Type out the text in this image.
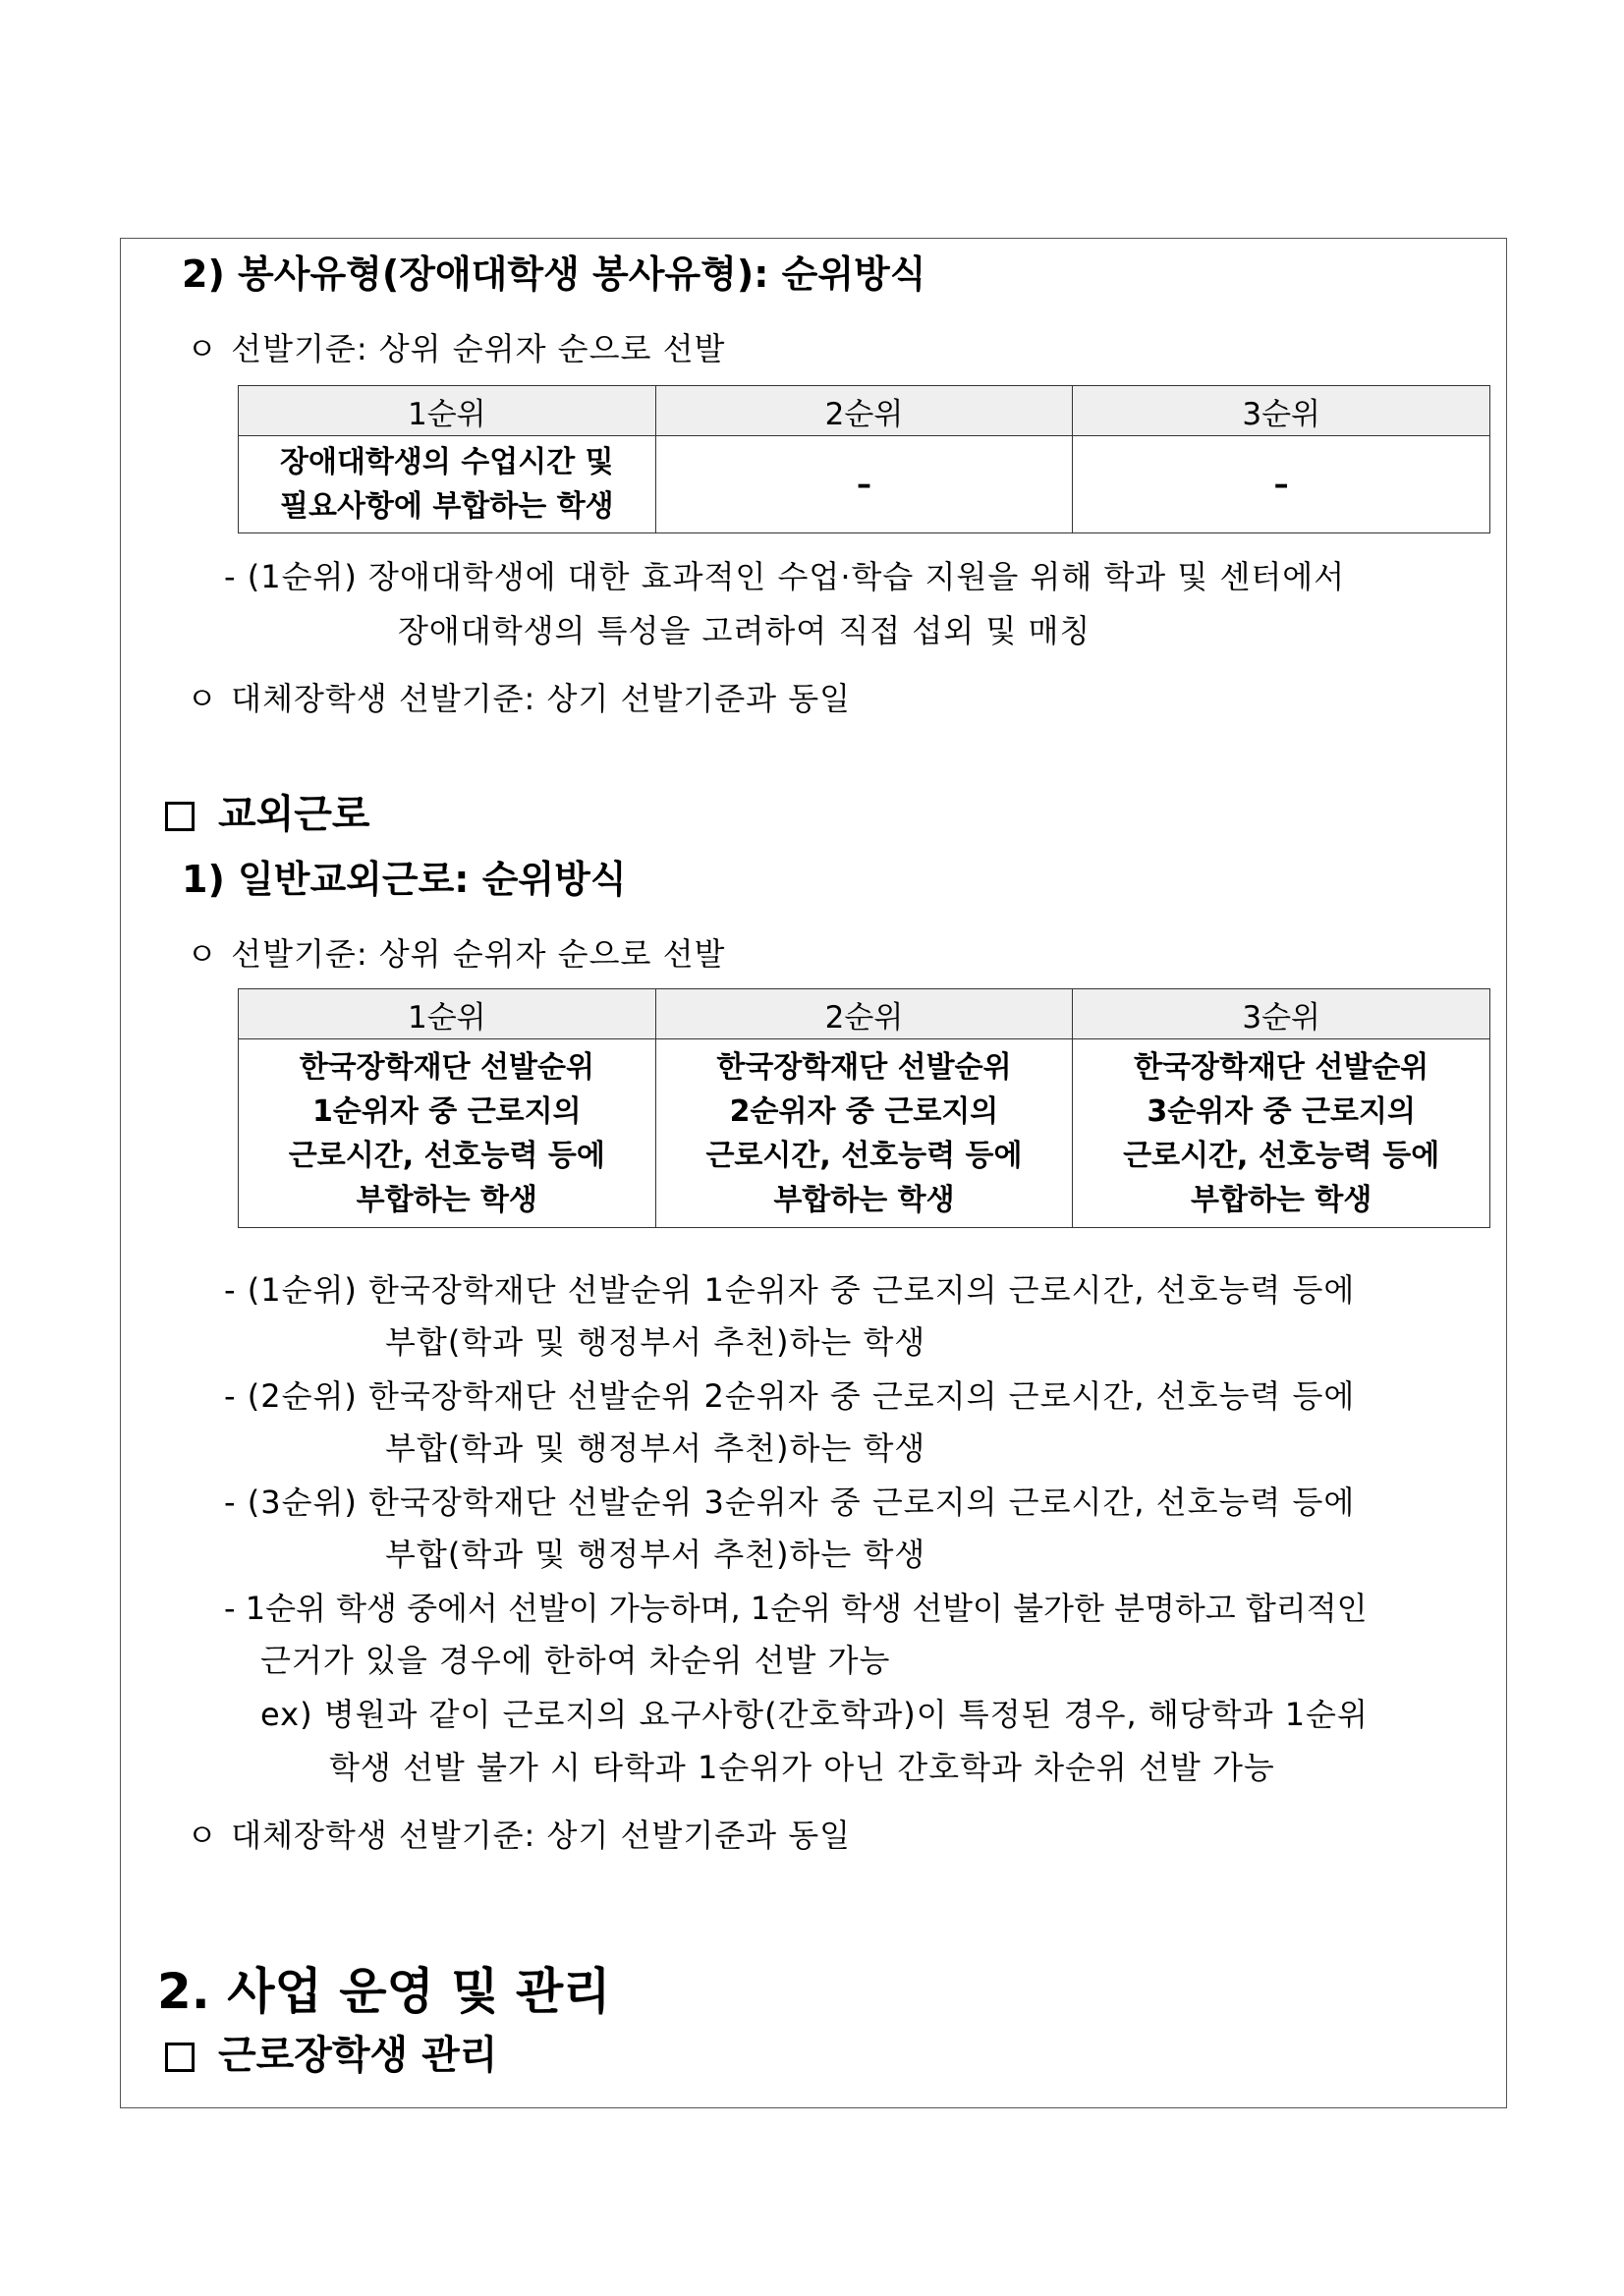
2) 봉사유형(장애대학생 봉사유형): 순위방식
ㅇ 선발기준: 상위 순위자 순으로 선발
1순위	2순위	3순위
장애대학생의 수업시간 및
필요사항에 부합하는 학생	–	–
- (1순위) 장애대학생에 대한 효과적인 수업·학습 지원을 위해 학과 및 센터에서
장애대학생의 특성을 고려하여 직접 섭외 및 매칭
ㅇ 대체장학생 선발기준: 상기 선발기준과 동일
교외근로
1) 일반교외근로: 순위방식
ㅇ 선발기준: 상위 순위자 순으로 선발
1순위	2순위	3순위
한국장학재단 선발순위
1순위자 중 근로지의
근로시간, 선호능력 등에
부합하는 학생	한국장학재단 선발순위
2순위자 중 근로지의
근로시간, 선호능력 등에
부합하는 학생	한국장학재단 선발순위
3순위자 중 근로지의
근로시간, 선호능력 등에
부합하는 학생
- (1순위) 한국장학재단 선발순위 1순위자 중 근로지의 근로시간, 선호능력 등에
부합(학과 및 행정부서 추천)하는 학생
- (2순위) 한국장학재단 선발순위 2순위자 중 근로지의 근로시간, 선호능력 등에
부합(학과 및 행정부서 추천)하는 학생
- (3순위) 한국장학재단 선발순위 3순위자 중 근로지의 근로시간, 선호능력 등에
부합(학과 및 행정부서 추천)하는 학생
- 1순위 학생 중에서 선발이 가능하며, 1순위 학생 선발이 불가한 분명하고 합리적인
근거가 있을 경우에 한하여 차순위 선발 가능
ex) 병원과 같이 근로지의 요구사항(간호학과)이 특정된 경우, 해당학과 1순위
학생 선발 불가 시 타학과 1순위가 아닌 간호학과 차순위 선발 가능
ㅇ 대체장학생 선발기준: 상기 선발기준과 동일
2. 사업 운영 및 관리
근로장학생 관리
